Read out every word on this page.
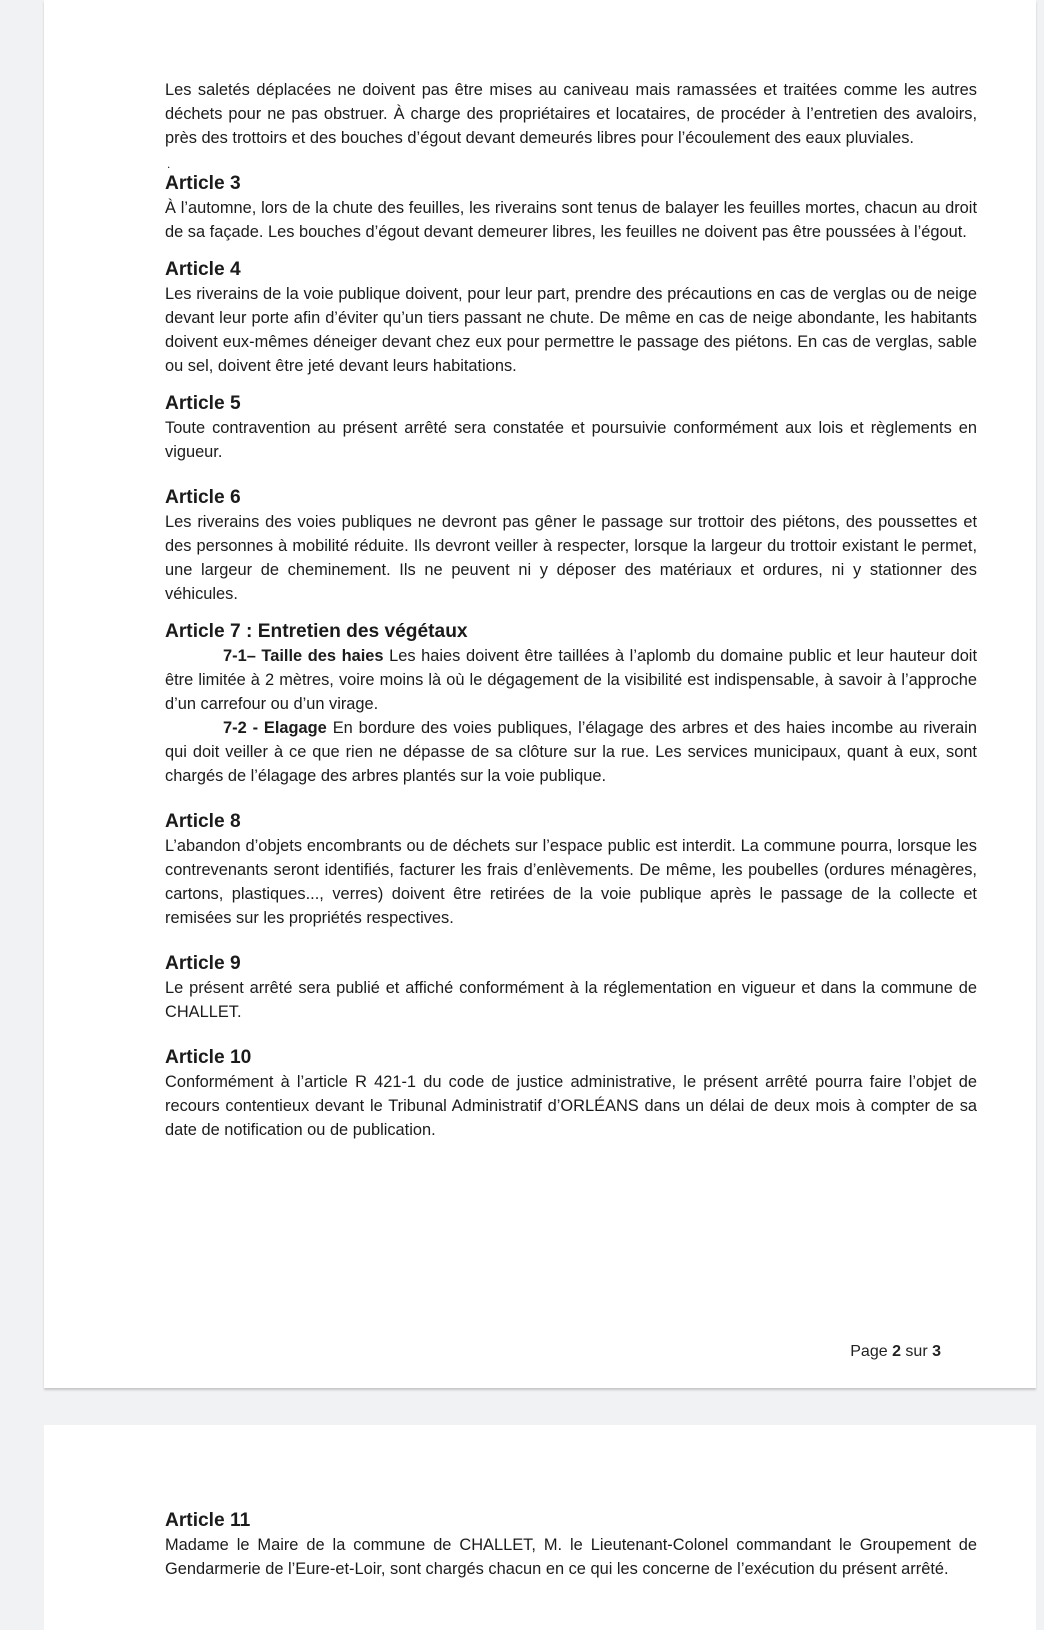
Les saletés déplacées ne doivent pas être mises au caniveau mais ramassées et traitées comme les autres déchets pour ne pas obstruer. À charge des propriétaires et locataires, de procéder à l’entretien des avaloirs, près des trottoirs et des bouches d’égout devant demeurés libres pour l’écoulement des eaux pluviales.

.
Article 3

À l’automne, lors de la chute des feuilles, les riverains sont tenus de balayer les feuilles mortes, chacun au droit de sa façade. Les bouches d’égout devant demeurer libres, les feuilles ne doivent pas être poussées à l’égout.

Article 4

Les riverains de la voie publique doivent, pour leur part, prendre des précautions en cas de verglas ou de neige devant leur porte afin d’éviter qu’un tiers passant ne chute. De même en cas de neige abondante, les habitants doivent eux-mêmes déneiger devant chez eux pour permettre le passage des piétons. En cas de verglas, sable ou sel, doivent être jeté devant leurs habitations.

Article 5

Toute contravention au présent arrêté sera constatée et poursuivie conformément aux lois et règlements en vigueur.

Article 6

Les riverains des voies publiques ne devront pas gêner le passage sur trottoir des piétons, des poussettes et des personnes à mobilité réduite. Ils devront veiller à respecter, lorsque la largeur du trottoir existant le permet, une largeur de cheminement. Ils ne peuvent ni y déposer des matériaux et ordures, ni y stationner des véhicules.

Article 7 : Entretien des végétaux

7-1– Taille des haies Les haies doivent être taillées à l’aplomb du domaine public et leur hauteur doit être limitée à 2 mètres, voire moins là où le dégagement de la visibilité est indispensable, à savoir à l’approche d’un carrefour ou d’un virage.

7-2 - Elagage En bordure des voies publiques, l’élagage des arbres et des haies incombe au riverain qui doit veiller à ce que rien ne dépasse de sa clôture sur la rue. Les services municipaux, quant à eux, sont chargés de l’élagage des arbres plantés sur la voie publique.

Article 8

L’abandon d’objets encombrants ou de déchets sur l’espace public est interdit. La commune pourra, lorsque les contrevenants seront identifiés, facturer les frais d’enlèvements. De même, les poubelles (ordures ménagères, cartons, plastiques..., verres) doivent être retirées de la voie publique après le passage de la collecte et remisées sur les propriétés respectives.

Article 9

Le présent arrêté sera publié et affiché conformément à la réglementation en vigueur et dans la commune de CHALLET.

Article 10

Conformément à l’article R 421-1 du code de justice administrative, le présent arrêté pourra faire l’objet de recours contentieux devant le Tribunal Administratif d’ORLÉANS dans un délai de deux mois à compter de sa date de notification ou de publication.

Page 2 sur 3
Article 11

Madame le Maire de la commune de CHALLET, M. le Lieutenant-Colonel commandant le Groupement de Gendarmerie de l’Eure-et-Loir, sont chargés chacun en ce qui les concerne de l’exécution du présent arrêté.
